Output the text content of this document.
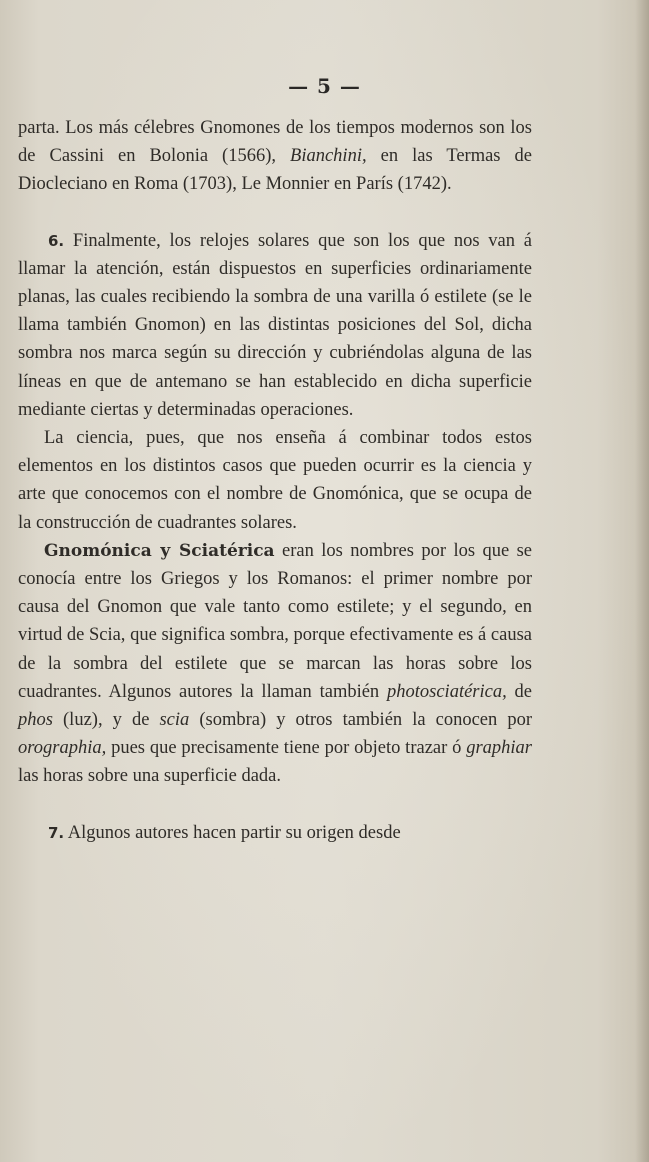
— 5 —

parta. Los más célebres Gnomones de los tiempos modernos son los de Cassini en Bolonia (1566), Bianchini, en las Termas de Diocleciano en Roma (1703), Le Monnier en París (1742).

6. Finalmente, los relojes solares que son los que nos van á llamar la atención, están dispuestos en superficies ordinariamente planas, las cuales recibiendo la sombra de una varilla ó estilete (se le llama también Gnomon) en las distintas posiciones del Sol, dicha sombra nos marca según su dirección y cubriéndolas alguna de las líneas en que de antemano se han establecido en dicha superficie mediante ciertas y determinadas operaciones.

La ciencia, pues, que nos enseña á combinar todos estos elementos en los distintos casos que pueden ocurrir es la ciencia y arte que conocemos con el nombre de Gnomónica, que se ocupa de la construcción de cuadrantes solares.

Gnomónica y Sciatérica eran los nombres por los que se conocía entre los Griegos y los Romanos: el primer nombre por causa del Gnomon que vale tanto como estilete; y el segundo, en virtud de Scia, que significa sombra, porque efectivamente es á causa de la sombra del estilete que se marcan las horas sobre los cuadrantes. Algunos autores la llaman también photosciatérica, de phos (luz), y de scia (sombra) y otros también la conocen por orographia, pues que precisamente tiene por objeto trazar ó graphiar las horas sobre una superficie dada.

7. Algunos autores hacen partir su origen desde
